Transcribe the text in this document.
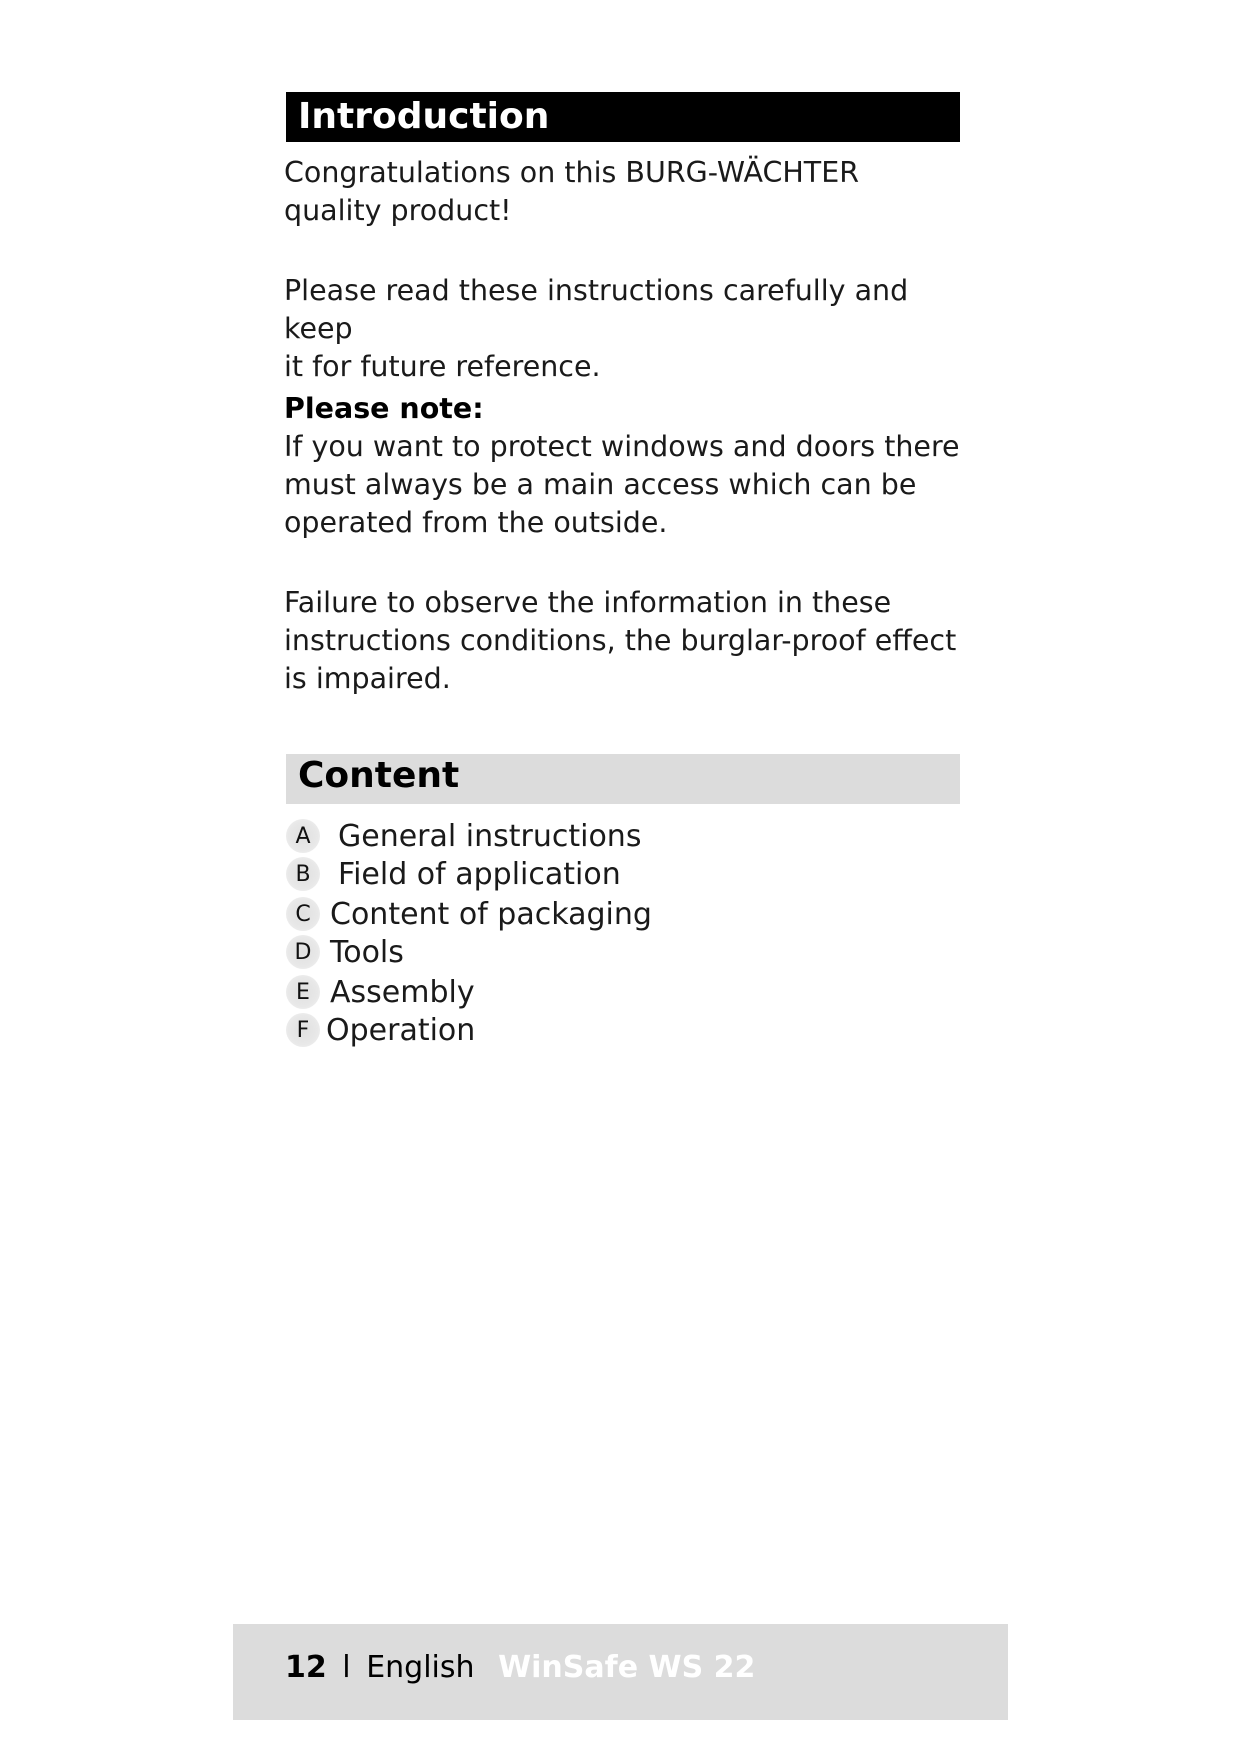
Introduction
Congratulations on this BURG-WÄCHTER
quality product!
Please read these instructions carefully and keep
it for future reference.
Please note:
If you want to protect windows and doors there
must always be a main access which can be
operated from the outside.
Failure to observe the information in these
instructions conditions, the burglar-proof effect
is impaired.
Content
A General instructions
B Field of application
C Content of packaging
D Tools
E Assembly
F Operation
12 l English WinSafe WS 22
